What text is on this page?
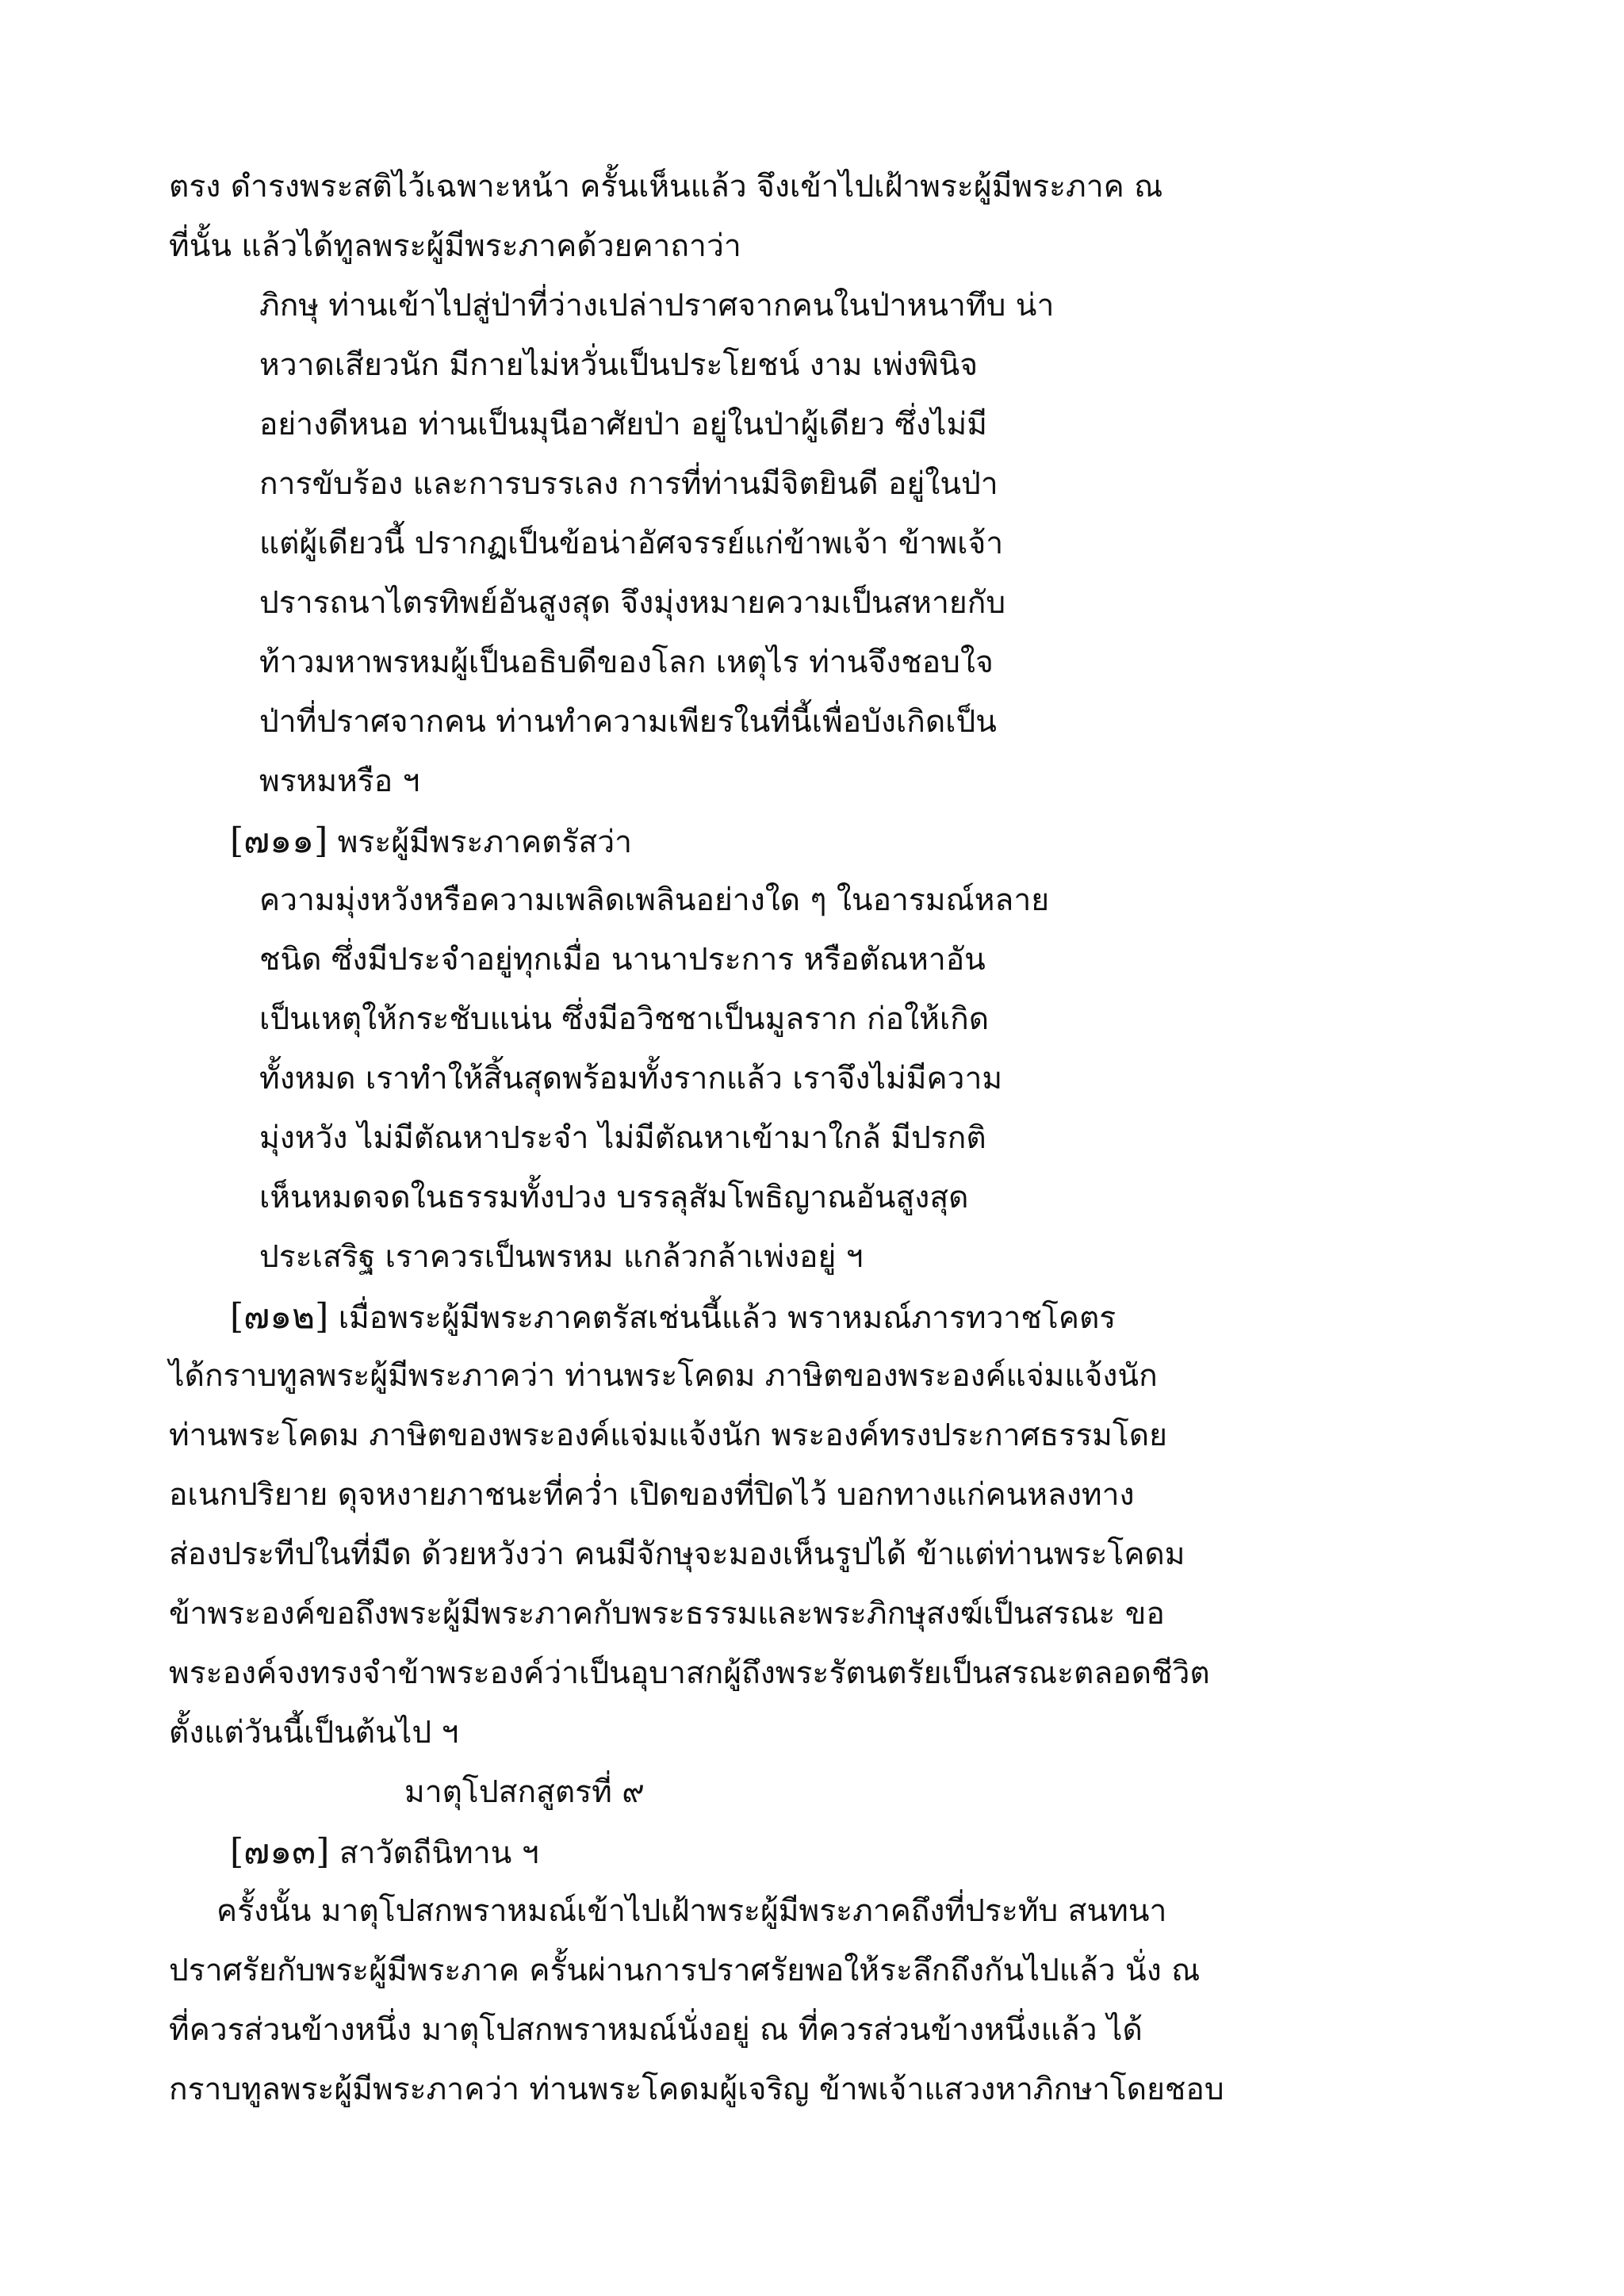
ตรง ดำรงพระสติไว้เฉพาะหน้า ครั้นเห็นแล้ว จึงเข้าไปเฝ้าพระผู้มีพระภาค ณ
ที่นั้น แล้วได้ทูลพระผู้มีพระภาคด้วยคาถาว่า
ภิกษุ ท่านเข้าไปสู่ป่าที่ว่างเปล่าปราศจากคนในป่าหนาทึบ น่า
หวาดเสียวนัก มีกายไม่หวั่นเป็นประโยชน์ งาม เพ่งพินิจ
อย่างดีหนอ ท่านเป็นมุนีอาศัยป่า อยู่ในป่าผู้เดียว ซึ่งไม่มี
การขับร้อง และการบรรเลง การที่ท่านมีจิตยินดี อยู่ในป่า
แต่ผู้เดียวนี้ ปรากฏเป็นข้อน่าอัศจรรย์แก่ข้าพเจ้า ข้าพเจ้า
ปรารถนาไตรทิพย์อันสูงสุด จึงมุ่งหมายความเป็นสหายกับ
ท้าวมหาพรหมผู้เป็นอธิบดีของโลก เหตุไร ท่านจึงชอบใจ
ป่าที่ปราศจากคน ท่านทำความเพียรในที่นี้เพื่อบังเกิดเป็น
พรหมหรือ ฯ
[๗๑๑] พระผู้มีพระภาคตรัสว่า
ความมุ่งหวังหรือความเพลิดเพลินอย่างใด ๆ ในอารมณ์หลาย
ชนิด ซึ่งมีประจำอยู่ทุกเมื่อ นานาประการ หรือตัณหาอัน
เป็นเหตุให้กระชับแน่น ซึ่งมีอวิชชาเป็นมูลราก ก่อให้เกิด
ทั้งหมด เราทำให้สิ้นสุดพร้อมทั้งรากแล้ว เราจึงไม่มีความ
มุ่งหวัง ไม่มีตัณหาประจำ ไม่มีตัณหาเข้ามาใกล้ มีปรกติ
เห็นหมดจดในธรรมทั้งปวง บรรลุสัมโพธิญาณอันสูงสุด
ประเสริฐ เราควรเป็นพรหม แกล้วกล้าเพ่งอยู่ ฯ
[๗๑๒] เมื่อพระผู้มีพระภาคตรัสเช่นนี้แล้ว พราหมณ์ภารทวาชโคตร
ได้กราบทูลพระผู้มีพระภาคว่า ท่านพระโคดม ภาษิตของพระองค์แจ่มแจ้งนัก
ท่านพระโคดม ภาษิตของพระองค์แจ่มแจ้งนัก พระองค์ทรงประกาศธรรมโดย
อเนกปริยาย ดุจหงายภาชนะที่คว่ำ เปิดของที่ปิดไว้ บอกทางแก่คนหลงทาง
ส่องประทีปในที่มืด ด้วยหวังว่า คนมีจักษุจะมองเห็นรูปได้ ข้าแต่ท่านพระโคดม
ข้าพระองค์ขอถึงพระผู้มีพระภาคกับพระธรรมและพระภิกษุสงฆ์เป็นสรณะ ขอ
พระองค์จงทรงจำข้าพระองค์ว่าเป็นอุบาสกผู้ถึงพระรัตนตรัยเป็นสรณะตลอดชีวิต
ตั้งแต่วันนี้เป็นต้นไป ฯ
มาตุโปสกสูตรที่ ๙
[๗๑๓] สาวัตถีนิทาน ฯ
ครั้งนั้น มาตุโปสกพราหมณ์เข้าไปเฝ้าพระผู้มีพระภาคถึงที่ประทับ สนทนา
ปราศรัยกับพระผู้มีพระภาค ครั้นผ่านการปราศรัยพอให้ระลึกถึงกันไปแล้ว นั่ง ณ
ที่ควรส่วนข้างหนึ่ง มาตุโปสกพราหมณ์นั่งอยู่ ณ ที่ควรส่วนข้างหนึ่งแล้ว ได้
กราบทูลพระผู้มีพระภาคว่า ท่านพระโคดมผู้เจริญ ข้าพเจ้าแสวงหาภิกษาโดยชอบ
